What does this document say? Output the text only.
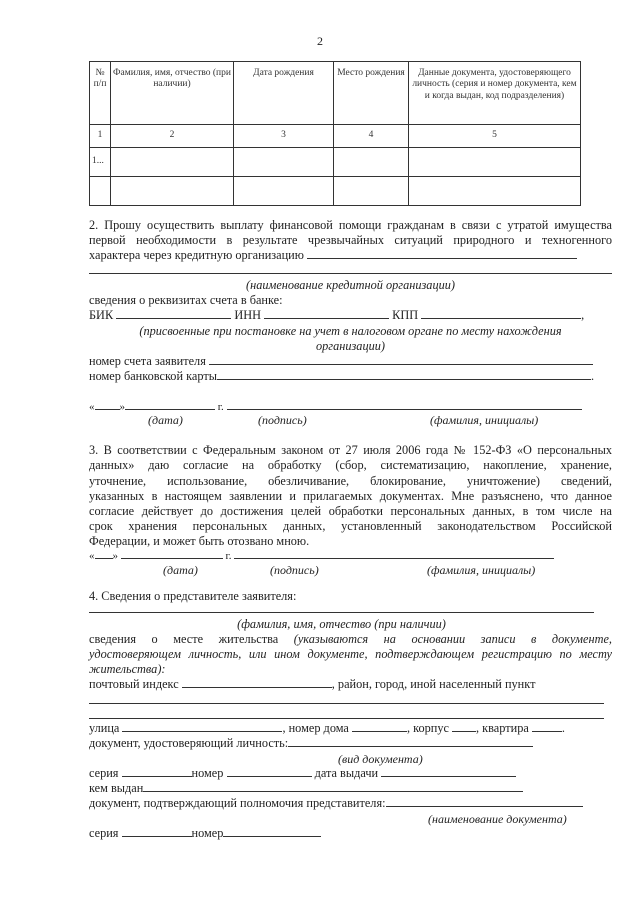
2
№ п/п	Фамилия, имя, отчество (при наличии)	Дата рождения	Место рождения	Данные документа, удостоверяющего личность (серия и номер документа, кем и когда выдан, код подразделения)
1	2	3	4	5
1...				

2. Прошу осуществить выплату финансовой помощи гражданам в связи с утратой имущества
первой необходимости в результате чрезвычайных ситуаций природного и техногенного
характера через кредитную организацию
(наименование кредитной организации)
сведения о реквизитах счета в банке:
БИК	ИНН	КПП	,
(присвоенные при постановке на учет в налоговом органе по месту нахождения
организации)
номер счета заявителя
номер банковской карты	.
« »	г.
(дата)	(подпись)	(фамилия, инициалы)
3. В соответствии с Федеральным законом от 27 июля 2006 года № 152-ФЗ «О персональных
данных» даю согласие на обработку (сбор, систематизацию, накопление, хранение,
уточнение, использование, обезличивание, блокирование, уничтожение) сведений,
указанных в настоящем заявлении и прилагаемых документах. Мне разъяснено, что данное
согласие действует до достижения целей обработки персональных данных, в том числе на
срок хранения персональных данных, установленный законодательством Российской
Федерации, и может быть отозвано мною.
« »	г.
(дата)	(подпись)	(фамилия, инициалы)
4. Сведения о представителе заявителя:
(фамилия, имя, отчество (при наличии)
сведения о месте жительства (указываются на основании записи в документе,
удостоверяющем личность, или ином документе, подтверждающем регистрацию по месту
жительства):
почтовый индекс	, район, город, иной населенный пункт
улица	, номер дома	, корпус , квартира	.
документ, удостоверяющий личность:
(вид документа)
серия	номер	дата выдачи
кем выдан
документ, подтверждающий полномочия представителя:
(наименование документа)
серия	номер
